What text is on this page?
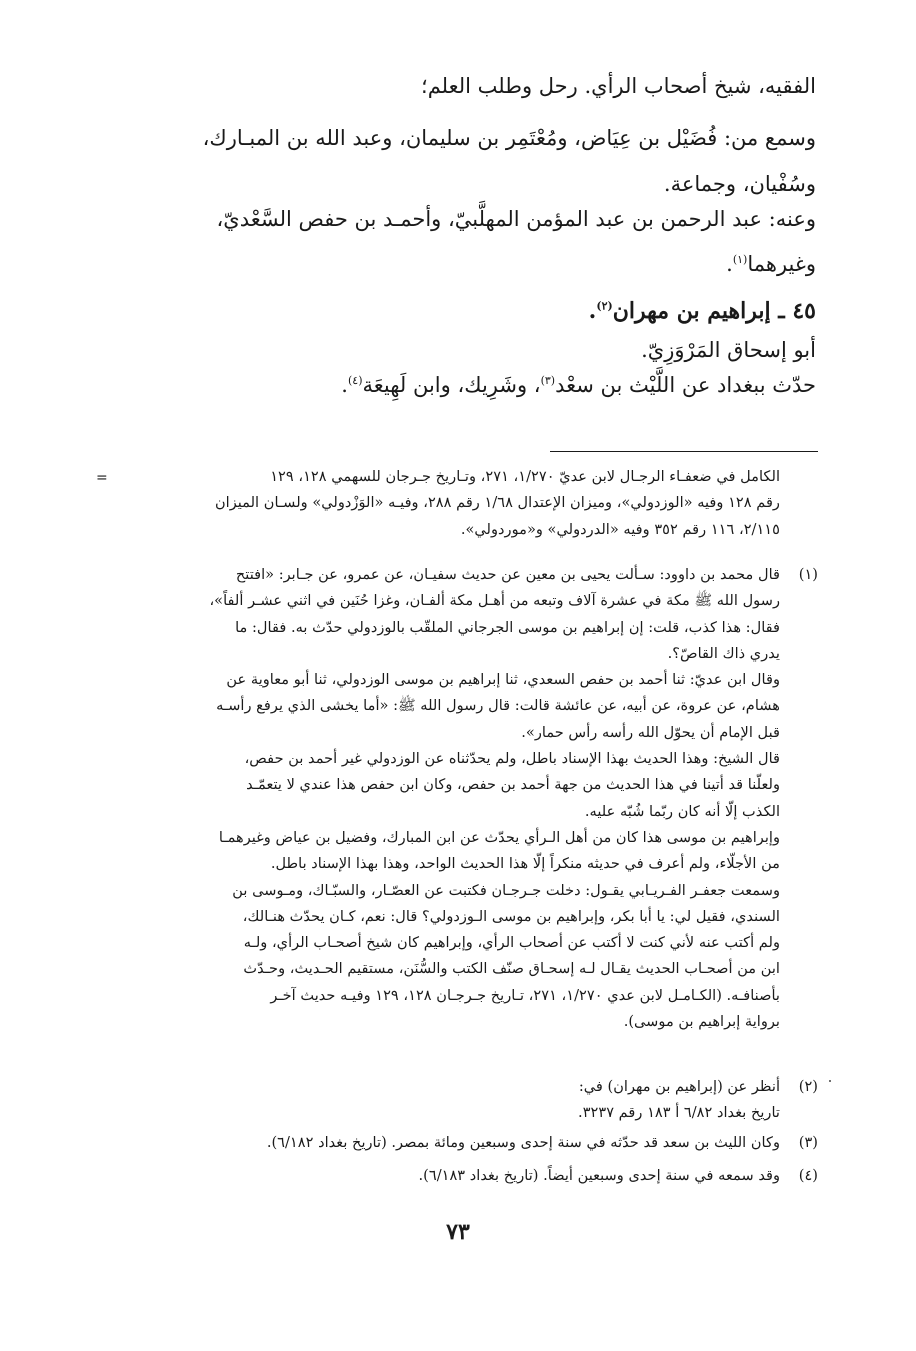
الفقيه، شيخ أصحاب الرأي. رحل وطلب العلم؛
وسمع من: فُضَيْل بن عِيَاض، ومُعْتَمِر بن سليمان، وعبد الله بن المبـارك،
وسُفْيان، وجماعة.
وعنه: عبد الرحمن بن عبد المؤمن المهلَّبيّ، وأحمـد بن حفص السَّعْديّ،
وغيرهما$^{(١)}$.
٤٥ ـ إبراهيم بن مهران$^{(٢)}$.
أبو إسحاق المَرْوَزِيّ.
حدّث ببغداد عن اللَّيْث بن سعْد$^{(٣)}$، وشَرِيك، وابن لَهِيعَة$^{(٤)}$.

الكامل في ضعفـاء الرجـال لابن عديّ ١/٢٧٠، ٢٧١، وتـاريخ جـرجان للسهمي ١٢٨، ١٢٩

رقم ١٢٨ وفيه «الوزدولي»، وميزان الإعتدال ١/٦٨ رقم ٢٨٨، وفيـه «الوَزْدولي» ولسـان الميزان

٢/١١٥، ١١٦ رقم ٣٥٢ وفيه «الدردولي» و«موردولي».

=
(١)

قال محمد بن داوود: سـألت يحيى بن معين عن حديث سفيـان، عن عمرو، عن جـابر: «افتتح

رسول الله ﷺ مكة في عشرة آلاف وتبعه من أهـل مكة ألفـان، وغزا حُنَين في اثني عشـر ألفاً»،

فقال: هذا كذب، قلت: إن إبراهيم بن موسى الجرجاني الملقّب بالوزدولي حدّث به. فقال: ما

يدري ذاك القاصّ؟.

وقال ابن عديّ: ثنا أحمد بن حفص السعدي، ثنا إبراهيم بن موسى الوزدولي، ثنا أبو معاوية عن

هشام، عن عروة، عن أبيه، عن عائشة قالت: قال رسول الله ﷺ: «أما يخشى الذي يرفع رأسـه

قبل الإمام أن يحوّل الله رأسه رأس حمار».

قال الشيخ: وهذا الحديث بهذا الإسناد باطل، ولم يحدّثناه عن الوزدولي غير أحمد بن حفص،

ولعلّنا قد أتينا في هذا الحديث من جهة أحمد بن حفص، وكان ابن حفص هذا عندي لا يتعمّـد

الكذب إلّا أنه كان ربّما شُبّه عليه.

وإبراهيم بن موسى هذا كان من أهل الـرأي يحدّث عن ابن المبارك، وفضيل بن عياض وغيرهمـا

من الأجلّاء، ولم أعرف في حديثه منكراً إلّا هذا الحديث الواحد، وهذا بهذا الإسناد باطل.

وسمعت جعفـر الفـريـابي يقـول: دخلت جـرجـان فكتبت عن العصّـار، والسبّـاك، ومـوسى بن

السندي، فقيل لي: يا أبا بكر، وإبراهيم بن موسى الـوزدولي؟ قال: نعم، كـان يحدّث هنـالك،

ولم أكتب عنه لأني كنت لا أكتب عن أصحاب الرأي، وإبراهيم كان شيخ أصحـاب الرأي، ولـه

ابن من أصحـاب الحديث يقـال لـه إسحـاق صنّف الكتب والسُّنَن، مستقيم الحـديث، وحـدّث

بأصنافـه. (الكـامـل لابن عدي ١/٢٧٠، ٢٧١، تـاريخ جـرجـان ١٢٨، ١٢٩ وفيـه حديث آخـر

برواية إبراهيم بن موسى).

(٢)

أنظر عن (إبراهيم بن مهران) في:

تاريخ بغداد ٦/٨٢ أ ١٨٣ رقم ٣٢٣٧.

(٣)

وكان الليث بن سعد قد حدّثه في سنة إحدى وسبعين ومائة بمصر. (تاريخ بغداد ٦/١٨٢).

(٤)

وقد سمعه في سنة إحدى وسبعين أيضاً. (تاريخ بغداد ٦/١٨٣).

٧٣
